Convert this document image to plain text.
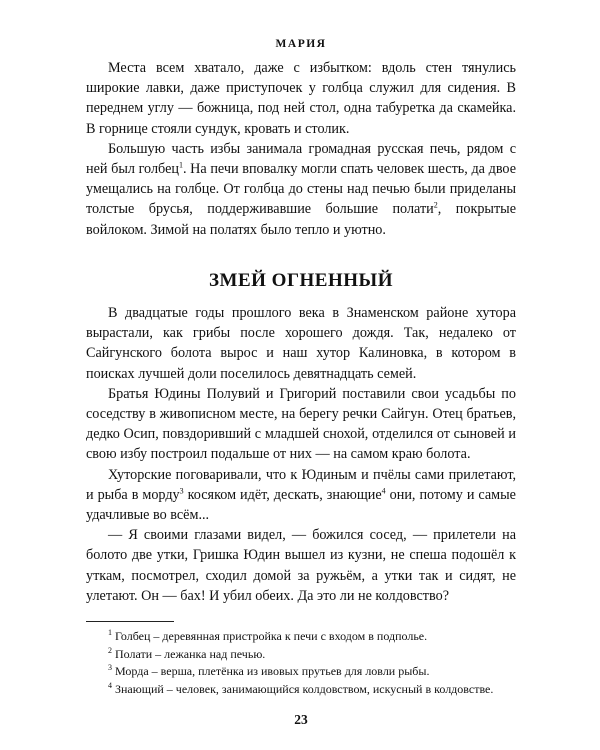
МАРИЯ

Места всем хватало, даже с избытком: вдоль стен тянулись широкие лавки, даже приступочек у голбца служил для сидения. В переднем углу — божница, под ней стол, одна табуретка да скамейка. В горнице стояли сундук, кровать и столик.

Большую часть избы занимала громадная русская печь, рядом с ней был голбец$^1$. На печи вповалку могли спать человек шесть, да двое умещались на голбце. От голбца до стены над печью были приделаны толстые брусья, поддерживавшие большие полати$^2$, покрытые войлоком. Зимой на полатях было тепло и уютно.

ЗМЕЙ ОГНЕННЫЙ

В двадцатые годы прошлого века в Знаменском районе хутора вырастали, как грибы после хорошего дождя. Так, недалеко от Сайгунского болота вырос и наш хутор Калиновка, в котором в поисках лучшей доли поселилось девятнадцать семей.

Братья Юдины Полувий и Григорий поставили свои усадьбы по соседству в живописном месте, на берегу речки Сайгун. Отец братьев, дедко Осип, повздоривший с младшей снохой, отделился от сыновей и свою избу построил подальше от них — на самом краю болота.

Хуторские поговаривали, что к Юдиным и пчёлы сами прилетают, и рыба в морду$^3$ косяком идёт, дескать, знающие$^4$ они, потому и самые удачливые во всём...

— Я своими глазами видел, — божился сосед, — прилетели на болото две утки, Гришка Юдин вышел из кузни, не спеша подошёл к уткам, посмотрел, сходил домой за ружьём, а утки так и сидят, не улетают. Он — бах! И убил обеих. Да это ли не колдовство?

$^1$ Голбец – деревянная пристройка к печи с входом в подполье.

$^2$ Полати – лежанка над печью.

$^3$ Морда – верша, плетёнка из ивовых прутьев для ловли рыбы.

$^4$ Знающий – человек, занимающийся колдовством, искусный в колдовстве.

23
